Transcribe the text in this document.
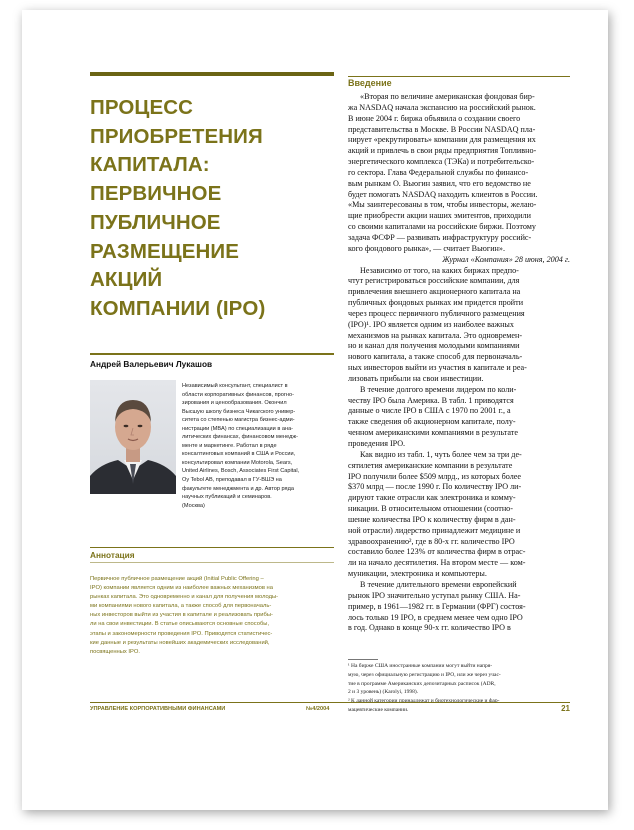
ПРОЦЕСС
ПРИОБРЕТЕНИЯ
КАПИТАЛА:
ПЕРВИЧНОЕ
ПУБЛИЧНОЕ
РАЗМЕЩЕНИЕ
АКЦИЙ
КОМПАНИИ (IPO)
Андрей Валерьевич Лукашов
Независимый консультант, специалист в
области корпоративных финансов, прогно-
зирования и ценообразования. Окончил
Высшую школу бизнеса Чикагского универ-
ситета со степенью магистра бизнес-адми-
нистрации (MBA) по специализации в ана-
литических финансах, финансовом менедж-
менте и маркетинге. Работал в ряде
консалтинговых компаний в США и России,
консультировал компании Motorola, Sears,
United Airlines, Bosch, Associates First Capital,
Oy Tebol AB, преподавал в ГУ-ВШЭ на
факультете менеджмента и др. Автор ряда
научных публикаций и семинаров.
(Москва)
Аннотация
Первичное публичное размещение акций (Initial Public Offering –
IPO) компании является одним из наиболее важных механизмов на
рынках капитала. Это одновременно и канал для получения молоды-
ми компаниями нового капитала, а также способ для первоначаль-
ных инвесторов выйти из участия в капитале и реализовать прибы-
ли на свои инвестиции. В статье описываются основные способы,
этапы и закономерности проведения IPO. Приводятся статистичес-
кие данные и результаты новейших академических исследований,
посвященных IPO.
Введение
«Вторая по величине американская фондовая бир-
жа NASDAQ начала экспансию на российский рынок.
В июне 2004 г. биржа объявила о создании своего
представительства в Москве. В России NASDAQ пла-
нирует «рекрутировать» компании для размещения их
акций и привлечь в свои ряды предприятия Топливно-
энергетического комплекса (ТЭКа) и потребительско-
го сектора. Глава Федеральной службы по финансо-
вым рынкам О. Вьюгин заявил, что его ведомство не
будет помогать NASDAQ находить клиентов в России.
«Мы заинтересованы в том, чтобы инвесторы, желаю-
щие приобрести акции наших эмитентов, приходили
со своими капиталами на российские биржи. Поэтому
задача ФСФР — развивать инфраструктуру российс-
кого фондового рынка», — считает Вьюгин».
Журнал «Компания» 28 июня, 2004 г.
Независимо от того, на каких биржах предпо-
чтут регистрироваться российские компании, для
привлечения внешнего акционерного капитала на
публичных фондовых рынках им придется пройти
через процесс первичного публичного размещения
(IPO)¹. IPO является одним из наиболее важных
механизмов на рынках капитала. Это одновремен-
но и канал для получения молодыми компаниями
нового капитала, а также способ для первоначаль-
ных инвесторов выйти из участия в капитале и реа-
лизовать прибыли на свои инвестиции.
В течение долгого времени лидером по коли-
честву IPO была Америка. В табл. 1 приводятся
данные о числе IPO в США с 1970 по 2001 г., а
также сведения об акционерном капитале, полу-
ченном американскими компаниями в результате
проведения IPO.
Как видно из табл. 1, чуть более чем за три де-
сятилетия американские компании в результате
IPO получили более $509 млрд., из которых более
$370 млрд — после 1990 г. По количеству IPO ли-
дируют такие отрасли как электроника и комму-
никации. В относительном отношении (соотно-
шение количества IPO к количеству фирм в дан-
ной отрасли) лидерство принадлежит медицине и
здравоохранению², где в 80-х гг. количество IPO
составило более 123% от количества фирм в отрас-
ли на начало десятилетия. На втором месте — ком-
муникации, электроника и компьютеры.
В течение длительного времени европейский
рынок IPO значительно уступал рынку США. На-
пример, в 1961—1982 гг. в Германии (ФРГ) состоя-
лось только 19 IPO, в среднем менее чем одно IPO
в год. Однако в конце 90-х гг. количество IPO в
¹ На бирже США иностранные компании могут выйти напря-
мую, через официальную регистрацию и IPO, или же через учас-
тие в программе Американских депозитарных расписок (ADR,
2 и 3 уровень) (Karolyi, 1998).
мацевтические компании.
УПРАВЛЕНИЕ КОРПОРАТИВНЫМИ ФИНАНСАМИ	№4/2004	21
